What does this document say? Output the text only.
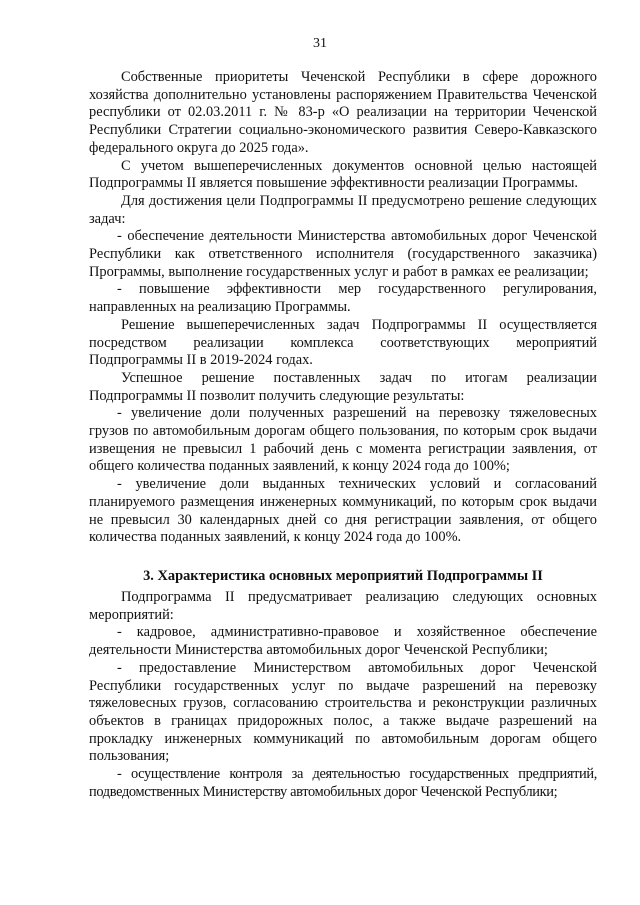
31

Собственные приоритеты Чеченской Республики в сфере дорожного хозяйства дополнительно установлены распоряжением Правительства Чеченской республики от 02.03.2011 г. № 83-р «О реализации на территории Чеченской Республики Стратегии социально-экономического развития Северо-Кавказского федерального округа до 2025 года».

С учетом вышеперечисленных документов основной целью настоящей Подпрограммы II является повышение эффективности реализации Программы.

Для достижения цели Подпрограммы II предусмотрено решение следующих задач:

- обеспечение деятельности Министерства автомобильных дорог Чеченской Республики как ответственного исполнителя (государственного заказчика) Программы, выполнение государственных услуг и работ в рамках ее реализации;

- повышение эффективности мер государственного регулирования, направленных на реализацию Программы.

Решение вышеперечисленных задач Подпрограммы II осуществляется посредством реализации комплекса соответствующих мероприятий Подпрограммы II в 2019-2024 годах.

Успешное решение поставленных задач по итогам реализации Подпрограммы II позволит получить следующие результаты:

- увеличение доли полученных разрешений на перевозку тяжеловесных грузов по автомобильным дорогам общего пользования, по которым срок выдачи извещения не превысил 1 рабочий день с момента регистрации заявления, от общего количества поданных заявлений, к концу 2024 года до 100%;

- увеличение доли выданных технических условий и согласований планируемого размещения инженерных коммуникаций, по которым срок выдачи не превысил 30 календарных дней со дня регистрации заявления, от общего количества поданных заявлений, к концу 2024 года до 100%.

3. Характеристика основных мероприятий Подпрограммы II

Подпрограмма II предусматривает реализацию следующих основных мероприятий:

- кадровое, административно-правовое и хозяйственное обеспечение деятельности Министерства автомобильных дорог Чеченской Республики;

- предоставление Министерством автомобильных дорог Чеченской Республики государственных услуг по выдаче разрешений на перевозку тяжеловесных грузов, согласованию строительства и реконструкции различных объектов в границах придорожных полос, а также выдаче разрешений на прокладку инженерных коммуникаций по автомобильным дорогам общего пользования;

- осуществление контроля за деятельностью государственных предприятий, подведомственных Министерству автомобильных дорог Чеченской Республики;
